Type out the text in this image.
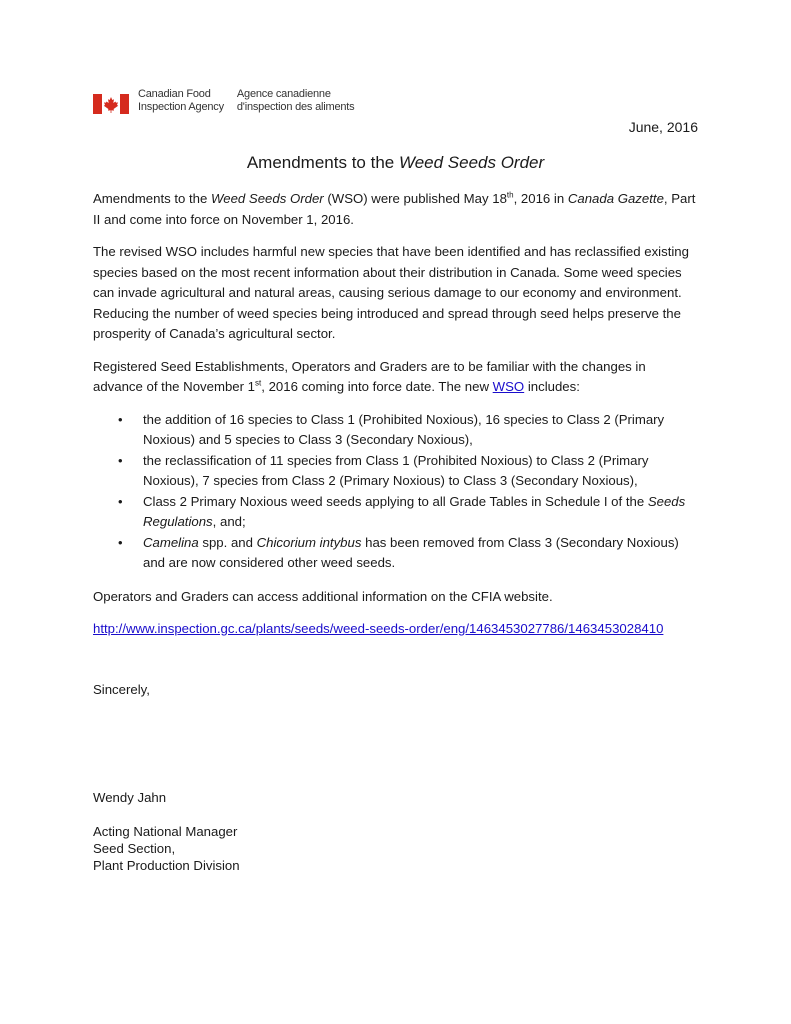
Canadian Food
Inspection Agency
Agence canadienne
d'inspection des aliments
June, 2016
Amendments to the Weed Seeds Order

Amendments to the Weed Seeds Order (WSO) were published May 18th, 2016 in Canada Gazette, Part II and come into force on November 1, 2016.

The revised WSO includes harmful new species that have been identified and has reclassified existing species based on the most recent information about their distribution in Canada. Some weed species can invade agricultural and natural areas, causing serious damage to our economy and environment. Reducing the number of weed species being introduced and spread through seed helps preserve the prosperity of Canada’s agricultural sector.

Registered Seed Establishments, Operators and Graders are to be familiar with the changes in advance of the November 1st, 2016 coming into force date. The new WSO includes:

• the addition of 16 species to Class 1 (Prohibited Noxious), 16 species to Class 2 (Primary Noxious) and 5 species to Class 3 (Secondary Noxious),
• the reclassification of 11 species from Class 1 (Prohibited Noxious) to Class 2 (Primary Noxious), 7 species from Class 2 (Primary Noxious) to Class 3 (Secondary Noxious),
• Class 2 Primary Noxious weed seeds applying to all Grade Tables in Schedule I of the Seeds Regulations, and;
• Camelina spp. and Chicorium intybus has been removed from Class 3 (Secondary Noxious) and are now considered other weed seeds.

Operators and Graders can access additional information on the CFIA website.

http://www.inspection.gc.ca/plants/seeds/weed-seeds-order/eng/1463453027786/1463453028410

Sincerely,
Wendy Jahn
Acting National Manager
Seed Section,
Plant Production Division
